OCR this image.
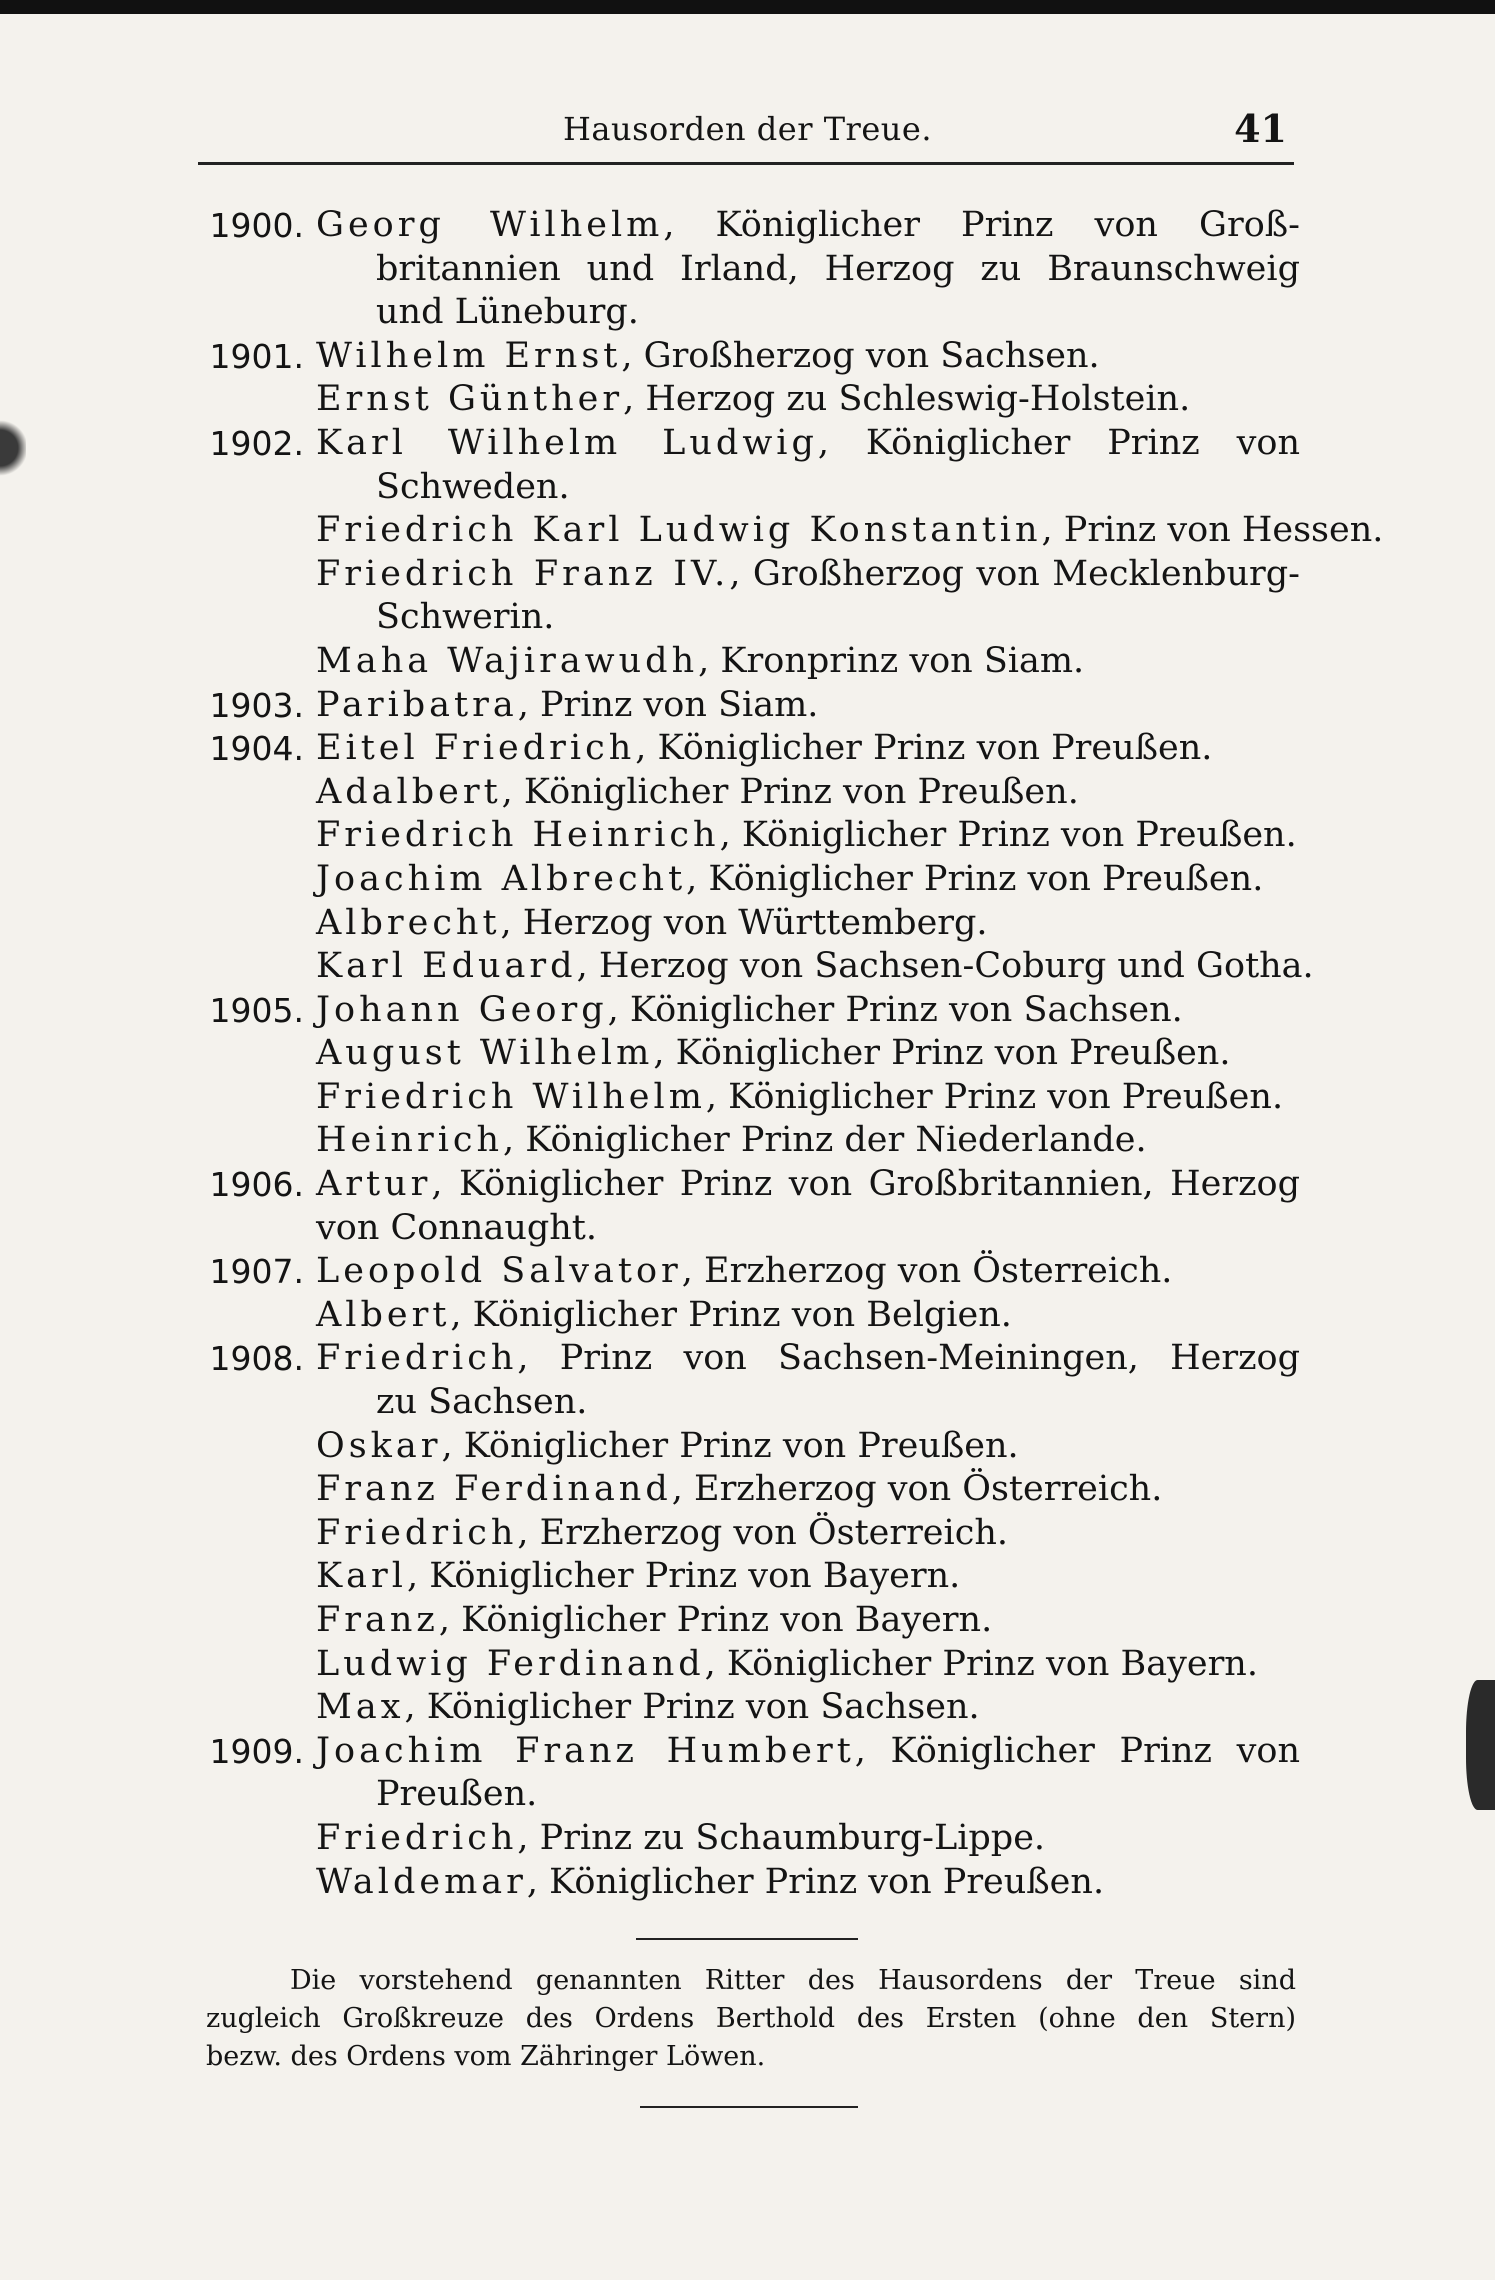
Hausorden der Treue.	41
1900. Georg Wilhelm, Königlicher Prinz von Groß-
britannien und Irland, Herzog zu Braunschweig
und Lüneburg.
1901. Wilhelm Ernst, Großherzog von Sachsen.
Ernst Günther, Herzog zu Schleswig-Holstein.
1902. Karl Wilhelm Ludwig, Königlicher Prinz von
Schweden.
Friedrich Karl Ludwig Konstantin, Prinz von Hessen.
Friedrich Franz IV., Großherzog von Mecklenburg-
Schwerin.
Maha Wajirawudh, Kronprinz von Siam.
1903. Paribatra, Prinz von Siam.
1904. Eitel Friedrich, Königlicher Prinz von Preußen.
Adalbert, Königlicher Prinz von Preußen.
Friedrich Heinrich, Königlicher Prinz von Preußen.
Joachim Albrecht, Königlicher Prinz von Preußen.
Albrecht, Herzog von Württemberg.
Karl Eduard, Herzog von Sachsen-Coburg und Gotha.
1905. Johann Georg, Königlicher Prinz von Sachsen.
August Wilhelm, Königlicher Prinz von Preußen.
Friedrich Wilhelm, Königlicher Prinz von Preußen.
Heinrich, Königlicher Prinz der Niederlande.
1906. Artur, Königlicher Prinz von Großbritannien, Herzog
von Connaught.
1907. Leopold Salvator, Erzherzog von Österreich.
Albert, Königlicher Prinz von Belgien.
1908. Friedrich, Prinz von Sachsen-Meiningen, Herzog
zu Sachsen.
Oskar, Königlicher Prinz von Preußen.
Franz Ferdinand, Erzherzog von Österreich.
Friedrich, Erzherzog von Österreich.
Karl, Königlicher Prinz von Bayern.
Franz, Königlicher Prinz von Bayern.
Ludwig Ferdinand, Königlicher Prinz von Bayern.
Max, Königlicher Prinz von Sachsen.
1909. Joachim Franz Humbert, Königlicher Prinz von
Preußen.
Friedrich, Prinz zu Schaumburg-Lippe.
Waldemar, Königlicher Prinz von Preußen.
Die vorstehend genannten Ritter des Hausordens der Treue sind
zugleich Großkreuze des Ordens Berthold des Ersten (ohne den Stern)
bezw. des Ordens vom Zähringer Löwen.
